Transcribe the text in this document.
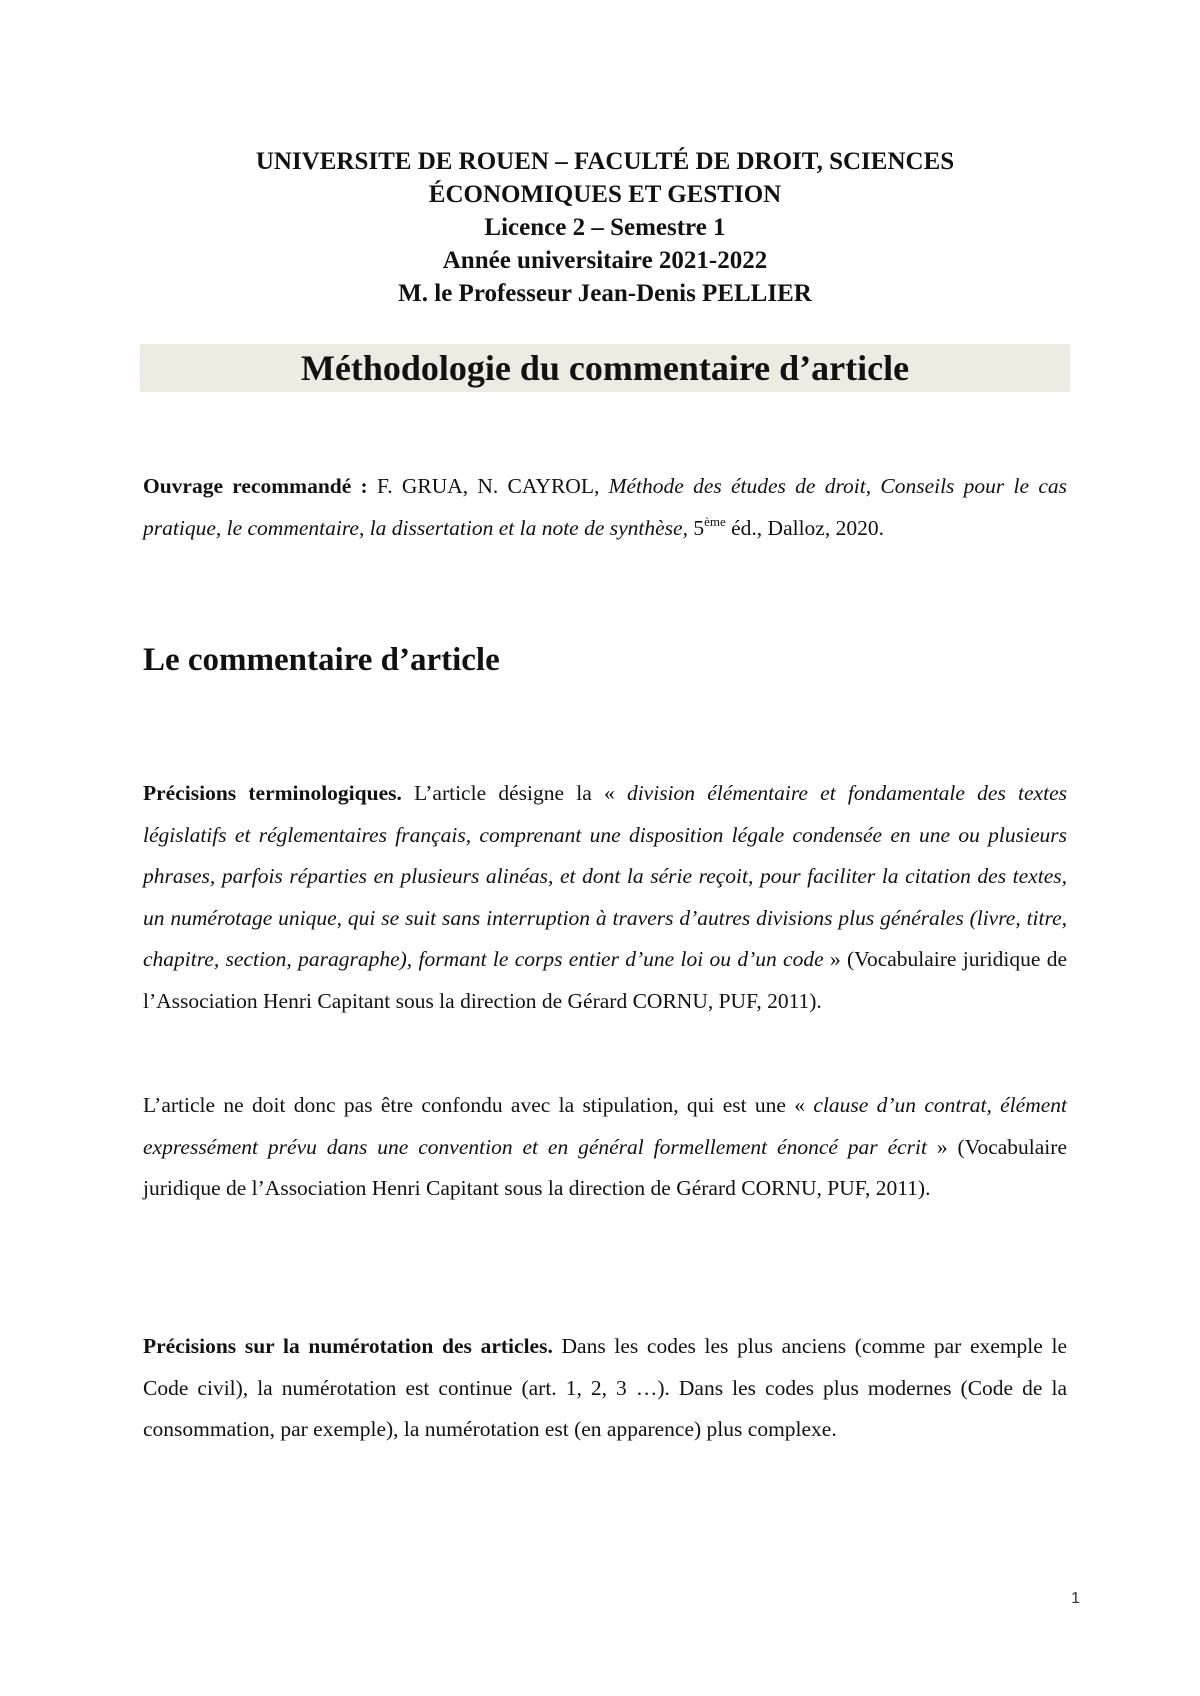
UNIVERSITE DE ROUEN – FACULTÉ DE DROIT, SCIENCES
ÉCONOMIQUES ET GESTION
Licence 2 – Semestre 1
Année universitaire 2021-2022
M. le Professeur Jean-Denis PELLIER
Méthodologie du commentaire d’article

Ouvrage recommandé : F. GRUA, N. CAYROL, Méthode des études de droit, Conseils pour le cas pratique, le commentaire, la dissertation et la note de synthèse, 5ème éd., Dalloz, 2020.

Le commentaire d’article

Précisions terminologiques. L’article désigne la « division élémentaire et fondamentale des textes législatifs et réglementaires français, comprenant une disposition légale condensée en une ou plusieurs phrases, parfois réparties en plusieurs alinéas, et dont la série reçoit, pour faciliter la citation des textes, un numérotage unique, qui se suit sans interruption à travers d’autres divisions plus générales (livre, titre, chapitre, section, paragraphe), formant le corps entier d’une loi ou d’un code » (Vocabulaire juridique de l’Association Henri Capitant sous la direction de Gérard CORNU, PUF, 2011).

L’article ne doit donc pas être confondu avec la stipulation, qui est une « clause d’un contrat, élément expressément prévu dans une convention et en général formellement énoncé par écrit » (Vocabulaire juridique de l’Association Henri Capitant sous la direction de Gérard CORNU, PUF, 2011).

Précisions sur la numérotation des articles. Dans les codes les plus anciens (comme par exemple le Code civil), la numérotation est continue (art. 1, 2, 3 …). Dans les codes plus modernes (Code de la consommation, par exemple), la numérotation est (en apparence) plus complexe.

1
